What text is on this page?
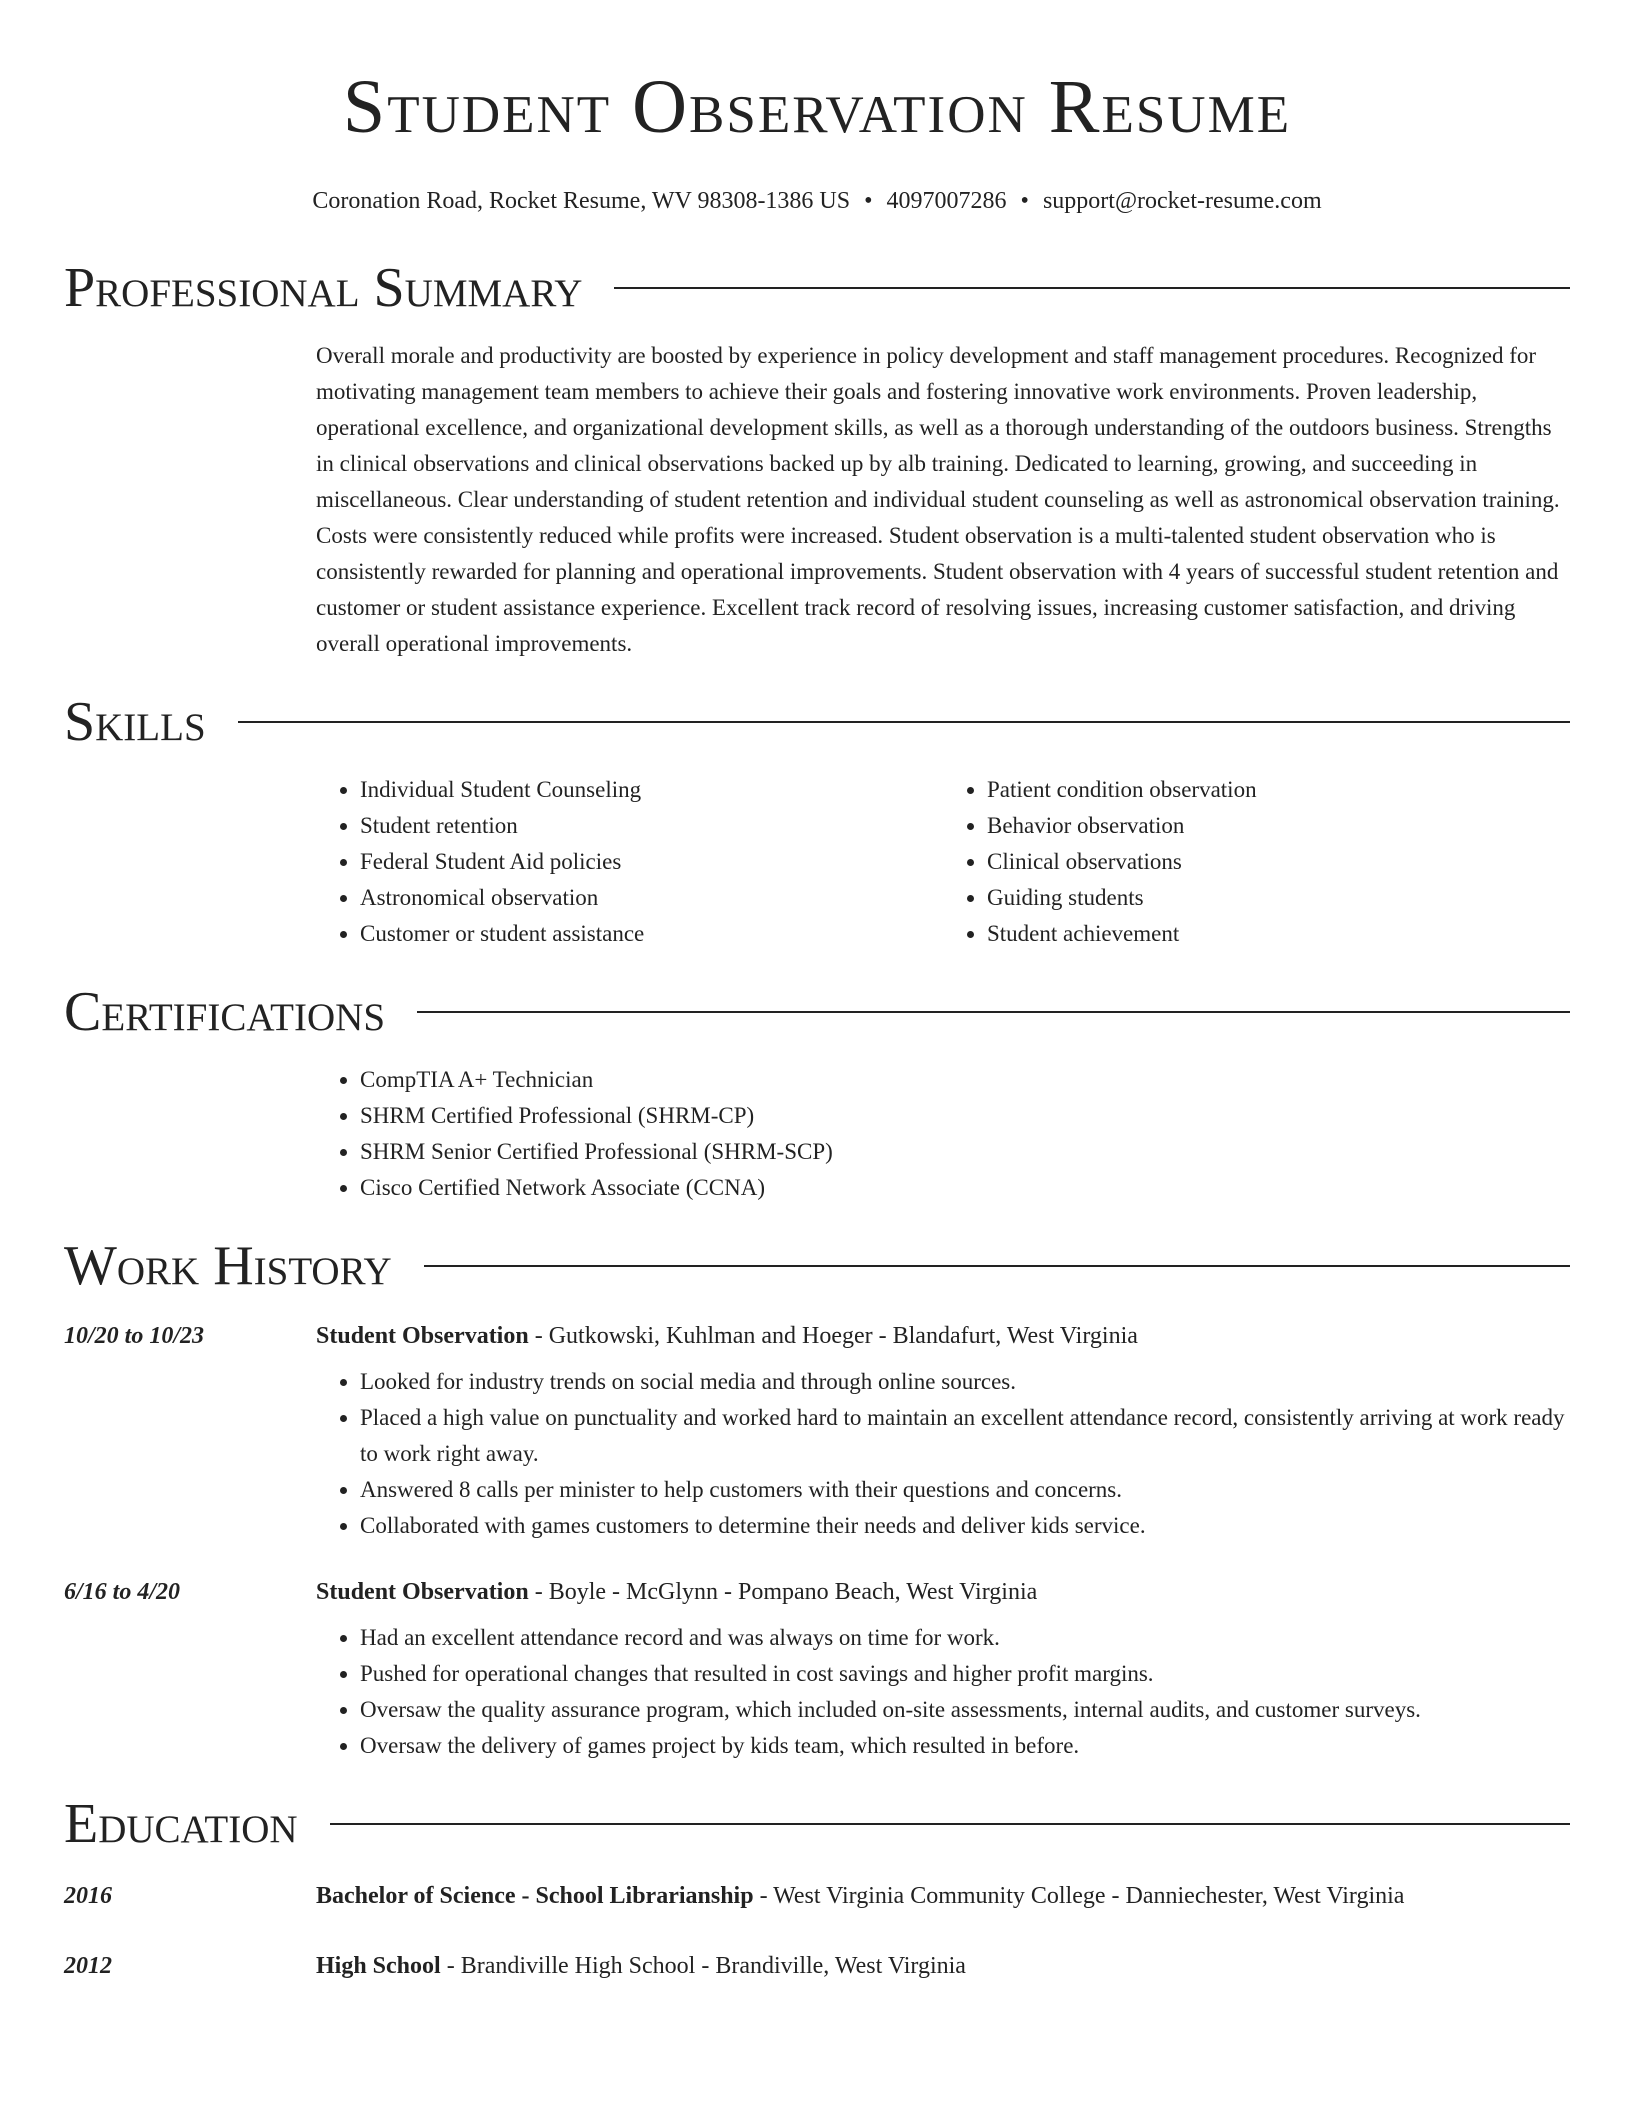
Student Observation Resume
Coronation Road, Rocket Resume, WV 98308-1386 US • 4097007286 • support@rocket-resume.com
Professional Summary

Overall morale and productivity are boosted by experience in policy development and staff management procedures. Recognized for motivating management team members to achieve their goals and fostering innovative work environments. Proven leadership, operational excellence, and organizational development skills, as well as a thorough understanding of the outdoors business. Strengths in clinical observations and clinical observations backed up by alb training. Dedicated to learning, growing, and succeeding in miscellaneous. Clear understanding of student retention and individual student counseling as well as astronomical observation training. Costs were consistently reduced while profits were increased. Student observation is a multi-talented student observation who is consistently rewarded for planning and operational improvements. Student observation with 4 years of successful student retention and customer or student assistance experience. Excellent track record of resolving issues, increasing customer satisfaction, and driving overall operational improvements.

Skills
• Individual Student Counseling
• Student retention
• Federal Student Aid policies
• Astronomical observation
• Customer or student assistance
• Patient condition observation
• Behavior observation
• Clinical observations
• Guiding students
• Student achievement
Certifications
• CompTIA A+ Technician
• SHRM Certified Professional (SHRM-CP)
• SHRM Senior Certified Professional (SHRM-SCP)
• Cisco Certified Network Associate (CCNA)
Work History
10/20 to 10/23	Student Observation - Gutkowski, Kuhlman and Hoeger - Blandafurt, West Virginia
• Looked for industry trends on social media and through online sources.
• Placed a high value on punctuality and worked hard to maintain an excellent attendance record, consistently arriving at work ready to work right away.
• Answered 8 calls per minister to help customers with their questions and concerns.
• Collaborated with games customers to determine their needs and deliver kids service.
6/16 to 4/20	Student Observation - Boyle - McGlynn - Pompano Beach, West Virginia
• Had an excellent attendance record and was always on time for work.
• Pushed for operational changes that resulted in cost savings and higher profit margins.
• Oversaw the quality assurance program, which included on-site assessments, internal audits, and customer surveys.
• Oversaw the delivery of games project by kids team, which resulted in before.
Education
2016	Bachelor of Science - School Librarianship - West Virginia Community College - Danniechester, West Virginia
2012	High School - Brandiville High School - Brandiville, West Virginia
